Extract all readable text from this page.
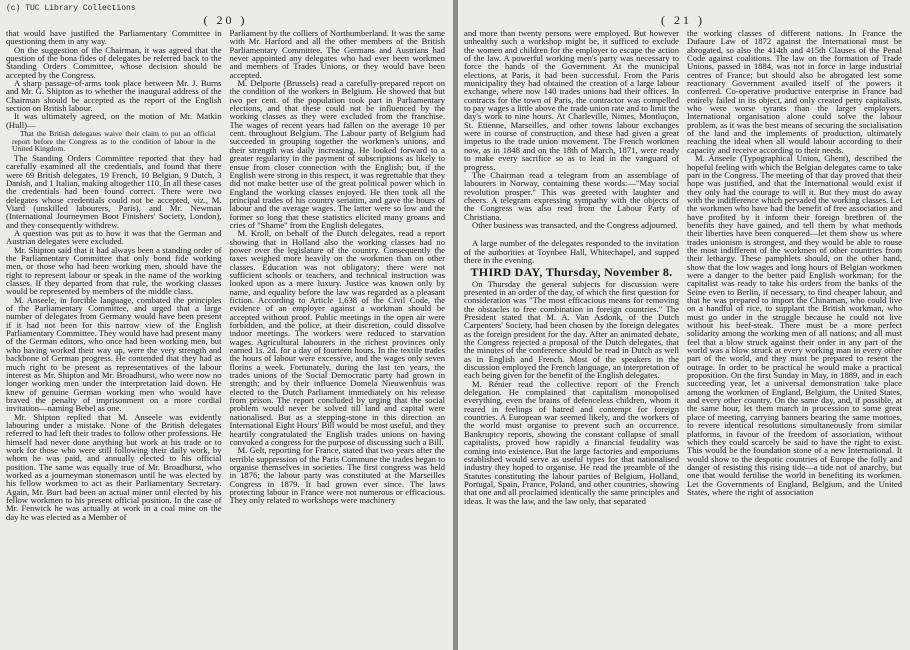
(c) TUC Library Collections
( 20 )

that would have justified the Parliamentary Committee in questioning them in any way.

On the suggestion of the Chairman, it was agreed that the question of the bona fides of delegates be referred back to the Standing Orders Committee, whose decision should be accepted by the Congress.

A sharp passage-of-arms took place between Mr. J. Burns and Mr. G. Shipton as to whether the inaugural address of the Chairman should be accepted as the report of the English section on British labour.

It was ultimately agreed, on the motion of Mr. Matkin (Hull)—

That the British delegates waive their claim to put an official report before the Congress as to the condition of labour in the United Kingdom.

The Standing Orders Committee reported that they had carefully examined all the credentials, and found that there were 69 British delegates, 19 French, 10 Belgian, 9 Dutch, 3 Danish, and 1 Italian, making altogether 110. In all these cases the credentials had been found correct. There were two delegates whose credentials could not be accepted, viz., M. Viard (unskilled labourers, Paris), and Mr. Newman (International Journeymen Boot Finishers' Society, London), and they consequently withdrew.

A question was put as to how it was that the German and Austrian delegates were excluded.

Mr. Shipton said that it had always been a standing order of the Parliamentary Committee that only bond fide working men, or those who had been working men, should have the right to represent labour or speak in the name of the working classes. If they departed from that rule, the working classes would be represented by members of the middle class.

M. Anseele, in forcible language, combated the principles of the Parliamentary Committee, and urged that a large number of delegates from Germany would have been present if it had not been for this narrow view of the English Parliamentary Committee. They would have had present many of the German editors, who once had been working men, but who having worked their way up, were the very strength and backbone of German progress. He contended that they had as much right to be present as representatives of the labour interest as Mr. Shipton and Mr. Broadhurst, who were now no longer working men under the interpretation laid down. He knew of genuine German working men who would have braved the penalty of imprisonment on a more cordial invitation—naming Bebel as one.

Mr. Shipton replied that M. Anseele was evidently labouring under a mistake. None of the British delegates referred to had left their trades to follow other professions. He himself had never done anything but work at his trade or to work for those who were still following their daily work, by whom he was paid, and annually elected to his official position. The same was equally true of Mr. Broadhurst, who worked as a journeyman stonemason until he was elected by his fellow workmen to act as their Parliamentary Secretary. Again, Mr. Burt had been an actual miner until elected by his fellow workmen to his present official position. In the case of Mr. Fenwick he was actually at work in a coal mine on the day he was elected as a Member of

Parliament by the colliers of Northumberland. It was the same with Mr. Harford and all the other members of the British Parliamentary Committee. The Germans and Austrians had never appointed any delegates who had ever been workmen and members of Trades Unions, or they would have been accepted.

M. Delporte (Brussels) read a carefully-prepared report on the condition of the workers in Belgium. He showed that but two per cent. of the population took part in Parliamentary elections, and that these could not be influenced by the working classes as they were excluded from the franchise. The wages of recent years had fallen on the average 10 per cent. throughout Belgium. The Labour party of Belgium had succeeded in grouping together the workmen's unions, and their strength was daily increasing. He looked forward to a greater regularity in the payment of subscriptions as likely to ensue from closer connection with the English; but, if the English were strong in this respect, it was regrettable that they did not make better use of the great political power which in England the working classes enjoyed. He then took all the principal trades of his country seriatim, and gave the hours of labour and the average wages. The latter were so low and the former so long that these statistics elicited many groans and cries of "Shame" from the English delegates.

M. Kroll, on behalf of the Dutch delegates, read a report showing that in Holland also the working classes had no power over the legislature of the country. Consequently the taxes weighed more heavily on the workmen than on other classes. Education was not obligatory; there were not sufficient schools or teachers, and technical instruction was looked upon as a mere luxury. Justice was known only by name, and equality before the law was regarded as a pleasant fiction. According to Article 1,638 of the Civil Code, the evidence of an employer against a workman should be accepted without proof. Public meetings in the open air were forbidden, and the police, at their discretion, could dissolve indoor meetings. The workers were reduced to starvation wages. Agricultural labourers in the richest provinces only earned 1s. 2d. for a day of fourteen hours. In the textile trades the hours of labour were excessive, and the wages only seven florins a week. Fortunately, during the last ten years, the trades unions of the Social Democratic party had grown in strength; and by their influence Domela Nieuwenhuis was elected to the Dutch Parliament immediately on his release from prison. The report concluded by urging that the social problem would never be solved till land and capital were nationalised. But as a stepping-stone in this direction an International Eight Hours' Bill would be most useful, and they heartily congratulated the English trades unions on having convoked a congress for the purpose of discussing such a Bill.

M. Gelt, reporting for France, stated that two years after the terrible suppression of the Paris Commune the trades began to organise themselves in societies. The first congress was held in 1876; the labour party was constituted at the Marseilles Congress in 1879. It had grown ever since. The laws protecting labour in France were not numerous or efficacious. They only related to workshops were machinery

( 21 )

and more than twenty persons were employed. But however unhealthy such a workshop might be, it sufficed to exclude the women and children for the employer to escape the action of the law. A powerful working men's party was necessary to force the hands of the Government. At the municipal elections, at Paris, it had been successful. From the Paris municipality they had obtained the creation of a large labour exchange, where now 140 trades unions had their offices. In contracts for the town of Paris, the contractor was compelled to pay wages a little above the trade union rate and to limit the day's work to nine hours. At Charleville, Nimes, Montluçon, St. Etienne, Marseilles, and other towns labour exchanges were in course of construction, and these had given a great impetus to the trade union movement. The French workmen now, as in 1848 and on the 18th of March, 1871, were ready to make every sacrifice so as to lead in the vanguard of progress.

The Chairman read a telegram from an assemblage of labourers in Norway, containing these words:—"May social revolution prosper." This was greeted with laughter and cheers. A telegram expressing sympathy with the objects of the Congress was also read from the Labour Party of Christiana.

Other business was transacted, and the Congress adjourned.

A large number of the delegates responded to the invitation of the authorities at Toynbee Hall, Whitechapel, and supped there in the evening.

THIRD DAY, Thursday, November 8.

On Thursday the general subjects for discussion were presented in an order of the day, of which the first question for consideration was "The most efficacious means for removing the obstacles to free combination in foreign countries." The President stated that M. A. Van Asdonk, of the Dutch Carpenters' Society, had been chosen by the foreign delegates as the foreign president for the day. After an animated debate, the Congress rejected a proposal of the Dutch delegates, that the minutes of the conference should be read in Dutch as well as in English and French. Most of the speakers in the discussion employed the French language, an interpretation of each being given for the benefit of the English delegates.

M. Rénier read the collective report of the French delegation. He complained that capitalism monopolised everything, even the brains of defenceless children, whom it reared in feelings of hatred and contempt for foreign countries. A European war seemed likely, and the workers of the world must organise to prevent such an occurrence. Bankruptcy reports, showing the constant collapse of small capitalists, proved how rapidly a financial feudality was coming into existence. But the large factories and emporiums established would serve as useful types for that nationalised industry they hoped to organise. He read the preamble of the Statutes constituting the labour parties of Belgium, Holland, Portugal, Spain, France, Poland, and other countries, showing that one and all proclaimed identically the same principles and ideas. It was the law, and the law only, that separated

the working classes of different nations. In France the Dufaure Law of 1872 against the International must be abrogated, so also the 414th and 415th Clauses of the Penal Code against coalitions. The law on the formation of Trade Unions, passed in 1884, was not in force in large industrial centres of France; but should also be abrogated lest some reactionary Government availed itself of the powers it conferred. Co-operative productive enterprise in France had entirely failed in its object, and only created petty capitalists, who were worse tyrants than the larger employers. International organisation alone could solve the labour problem, as it was the best means of securing the socialisation of the land and the implements of production, ultimately reaching the ideal when all would labour according to their capacity and receive according to their needs.

M. Anseele (Typographical Union, Ghent), described the hopeful feeling with which the Belgian delegates came to take part in the Congress. The meeting of that day proved that their hope was justified, and that the International would exist if they only had the courage to will it. But they must do away with the indifference which pervaded the working classes. Let the workmen who have had the benefit of free association and have profited by it inform their foreign brethren of the benefits they have gained, and tell them by what methods their liberties have been conquered—let them show us where trades unionism is strongest, and they would be able to rouse the most indifferent of the workmen of other countries from their lethargy. These pamphlets should, on the other hand, show that the low wages and long hours of Belgian workmen were a danger to the better paid English workman; for the capitalist was ready to take his orders from the banks of the Seine even to Berlin, if necessary, to find cheaper labour, and that he was prepared to import the Chinaman, who could live on a handful of rice, to supplant the British workman, who must go under in the struggle because he could not live without his beef-steak. There must be a more perfect solidarity among the working men of all nations; and all must feel that a blow struck against their order in any part of the world was a blow struck at every working man in every other part of the world, and they must be prepared to resent the outrage. In order to be practical he would make a practical proposition. On the first Sunday in May, in 1889, and in each succeeding year, let a universal demonstration take place among the workmen of England, Belgium, the United States, and every other country. On the same day, and, if possible, at the same hour, let them march in procession to some great place of meeting, carrying banners bearing the same mottoes, to revere identical resolutions simultaneously from similar platforms, in favour of the freedom of association, without which they could scarcely be said to have the right to exist. This would be the foundation stone of a new International. It would show to the despotic countries of Europe the folly and danger of resisting this rising tide—a tide not of anarchy, but one that would fertilise the world in benefiting its workmen. Let the Governments of England, Belgium, and the United States, where the right of association
